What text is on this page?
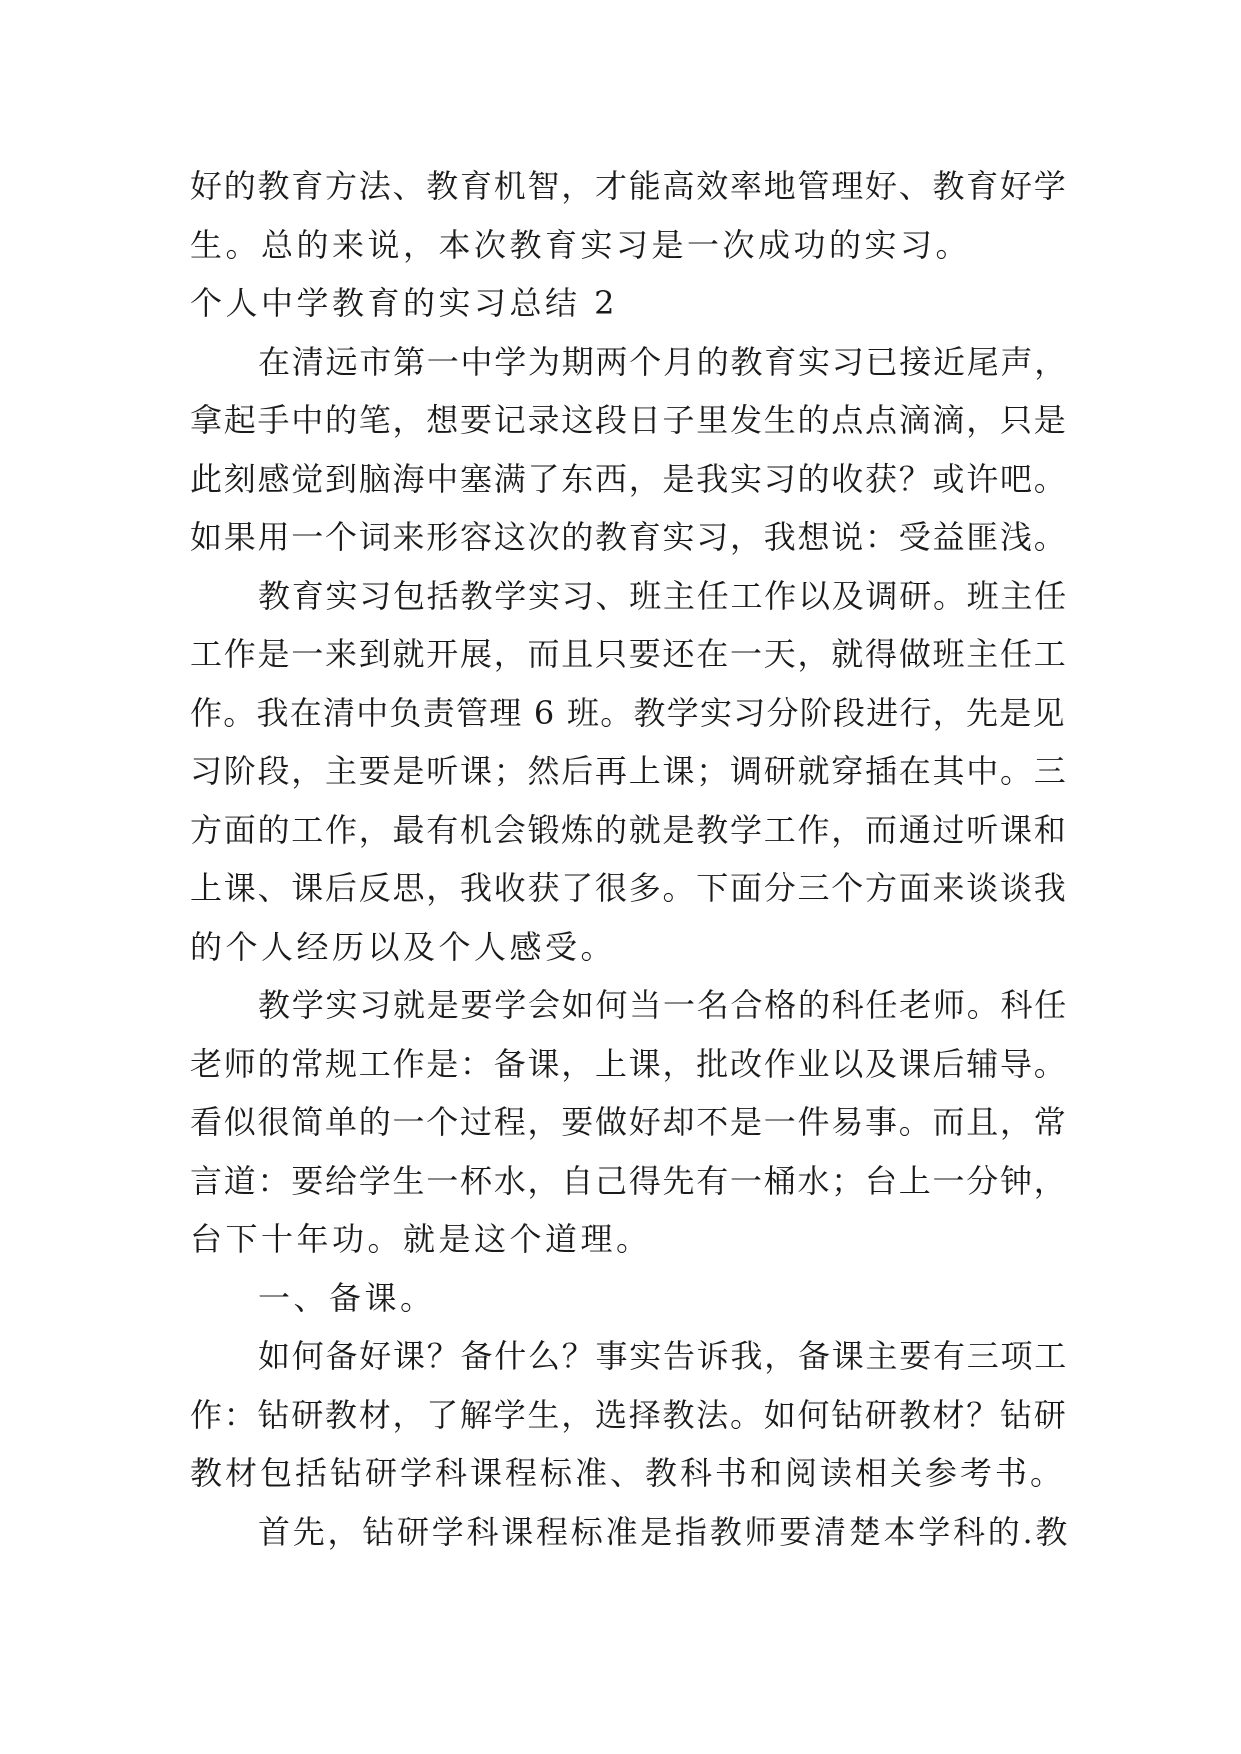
好的教育方法、教育机智，才能高效率地管理好、教育好学
生。总的来说，本次教育实习是一次成功的实习。
个人中学教育的实习总结 2
在清远市第一中学为期两个月的教育实习已接近尾声，
拿起手中的笔，想要记录这段日子里发生的点点滴滴，只是
此刻感觉到脑海中塞满了东西，是我实习的收获？或许吧。
如果用一个词来形容这次的教育实习，我想说：受益匪浅。
教育实习包括教学实习、班主任工作以及调研。班主任
工作是一来到就开展，而且只要还在一天，就得做班主任工
作。我在清中负责管理 6 班。教学实习分阶段进行，先是见
习阶段，主要是听课；然后再上课；调研就穿插在其中。三
方面的工作，最有机会锻炼的就是教学工作，而通过听课和
上课、课后反思，我收获了很多。下面分三个方面来谈谈我
的个人经历以及个人感受。
教学实习就是要学会如何当一名合格的科任老师。科任
老师的常规工作是：备课，上课，批改作业以及课后辅导。
看似很简单的一个过程，要做好却不是一件易事。而且，常
言道：要给学生一杯水，自己得先有一桶水；台上一分钟，
台下十年功。就是这个道理。
一、备课。
如何备好课？备什么？事实告诉我，备课主要有三项工
作：钻研教材，了解学生，选择教法。如何钻研教材？钻研
教材包括钻研学科课程标准、教科书和阅读相关参考书。
首先，钻研学科课程标准是指教师要清楚本学科的.教
